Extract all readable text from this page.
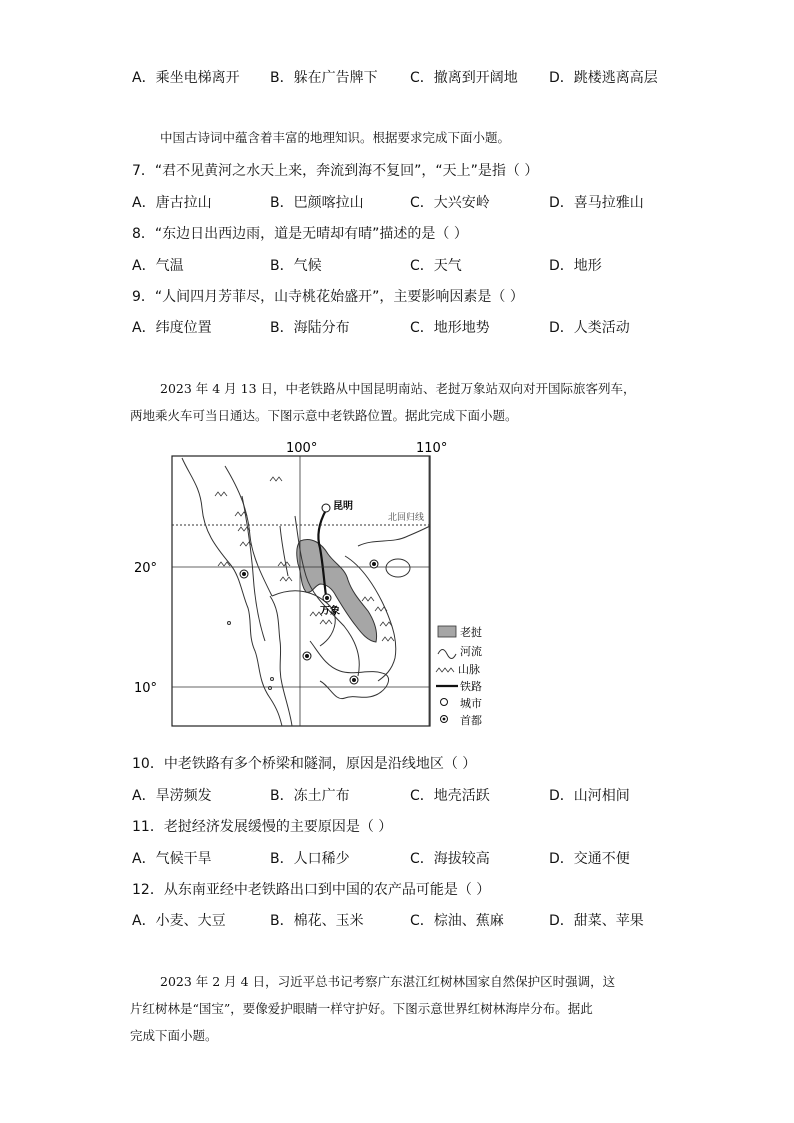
A．乘坐电梯离开 B．躲在广告牌下 C．撤离到开阔地 D．跳楼逃离高层

中国古诗词中蕴含着丰富的地理知识。根据要求完成下面小题。

7．“君不见黄河之水天上来，奔流到海不复回”，“天上”是指（ ）
A．唐古拉山	B．巴颜喀拉山	C．大兴安岭	D．喜马拉雅山
8．“东边日出西边雨，道是无晴却有晴”描述的是（ ）
A．气温	B．气候	C．天气	D．地形
9．“人间四月芳菲尽，山寺桃花始盛开”，主要影响因素是（ ）
A．纬度位置	B．海陆分布	C．地形地势	D．人类活动

2023 年 4 月 13 日，中老铁路从中国昆明南站、老挝万象站双向对开国际旅客列车，

两地乘火车可当日通达。下图示意中老铁路位置。据此完成下面小题。

100°	110°
20°
10°
昆明
北回归线
万象
老挝
河流
山脉
铁路
城市
首都
10．中老铁路有多个桥梁和隧洞，原因是沿线地区（ ）
A．旱涝频发	B．冻土广布	C．地壳活跃	D．山河相间
11．老挝经济发展缓慢的主要原因是（ ）
A．气候干旱	B．人口稀少	C．海拔较高	D．交通不便
12．从东南亚经中老铁路出口到中国的农产品可能是（ ）
A．小麦、大豆	B．棉花、玉米	C．棕油、蕉麻	D．甜菜、苹果

2023 年 2 月 4 日，习近平总书记考察广东湛江红树林国家自然保护区时强调，这

片红树林是“国宝”，要像爱护眼睛一样守护好。下图示意世界红树林海岸分布。据此

完成下面小题。
